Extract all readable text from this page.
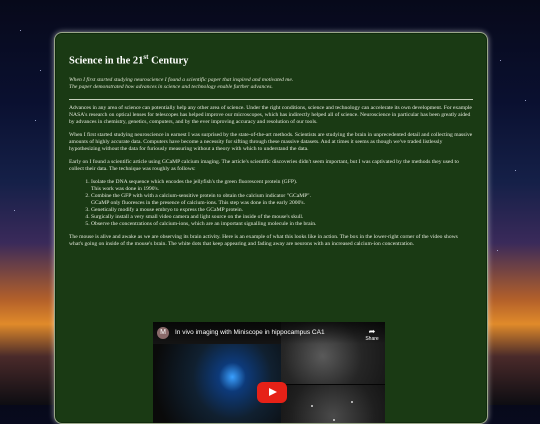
Science in the 21st Century
When I first started studying neuroscience I found a scientific paper that inspired and motivated me.
The paper demonstrated how advances in science and technology enable further advances.

Advances in any area of science can potentially help any other area of science. Under the right conditions, science and technology can accelerate its own development. For example NASA's research on optical lenses for telescopes has helped improve our microscopes, which has indirectly helped all of science. Neuroscience in particular has been greatly aided by advances in chemistry, genetics, computers, and by the ever improving accuracy and resolution of our tools.

When I first started studying neuroscience in earnest I was surprised by the state-of-the-art methods. Scientists are studying the brain in unprecedented detail and collecting massive amounts of highly accurate data. Computers have become a necessity for sifting through these massive datasets. And at times it seems as though we've traded listlessly hypothesizing without the data for furiously measuring without a theory with which to understand the data.

Early on I found a scientific article using GCaMP calcium imaging. The article's scientific discoveries didn't seem important, but I was captivated by the methods they used to collect their data. The technique was roughly as follows:

1. Isolate the DNA sequence which encodes the jellyfish's the green fluorescent protein (GFP).
This work was done in 1990's.
2. Combine the GFP with with a calcium-sensitive protein to obtain the calcium indicator "GCaMP".
GCaMP only fluoresces in the presence of calcium-ions. This step was done in the early 2000's.
3. Genetically modify a mouse embryo to express the GCaMP protein.
4. Surgically install a very small video camera and light source on the inside of the mouse's skull.
5. Observe the concentrations of calcium-ions, which are an important signalling molecule in the brain.

The mouse is alive and awake as we are observing its brain activity. Here is an example of what this looks like in action. The box in the lower-right corner of the video shows what's going on inside of the mouse's brain. The white dots that keep appearing and fading away are neurons with an increased calcium-ion concentration.

M	In vivo imaging with Miniscope in hippocampus CA1	➦
Share
